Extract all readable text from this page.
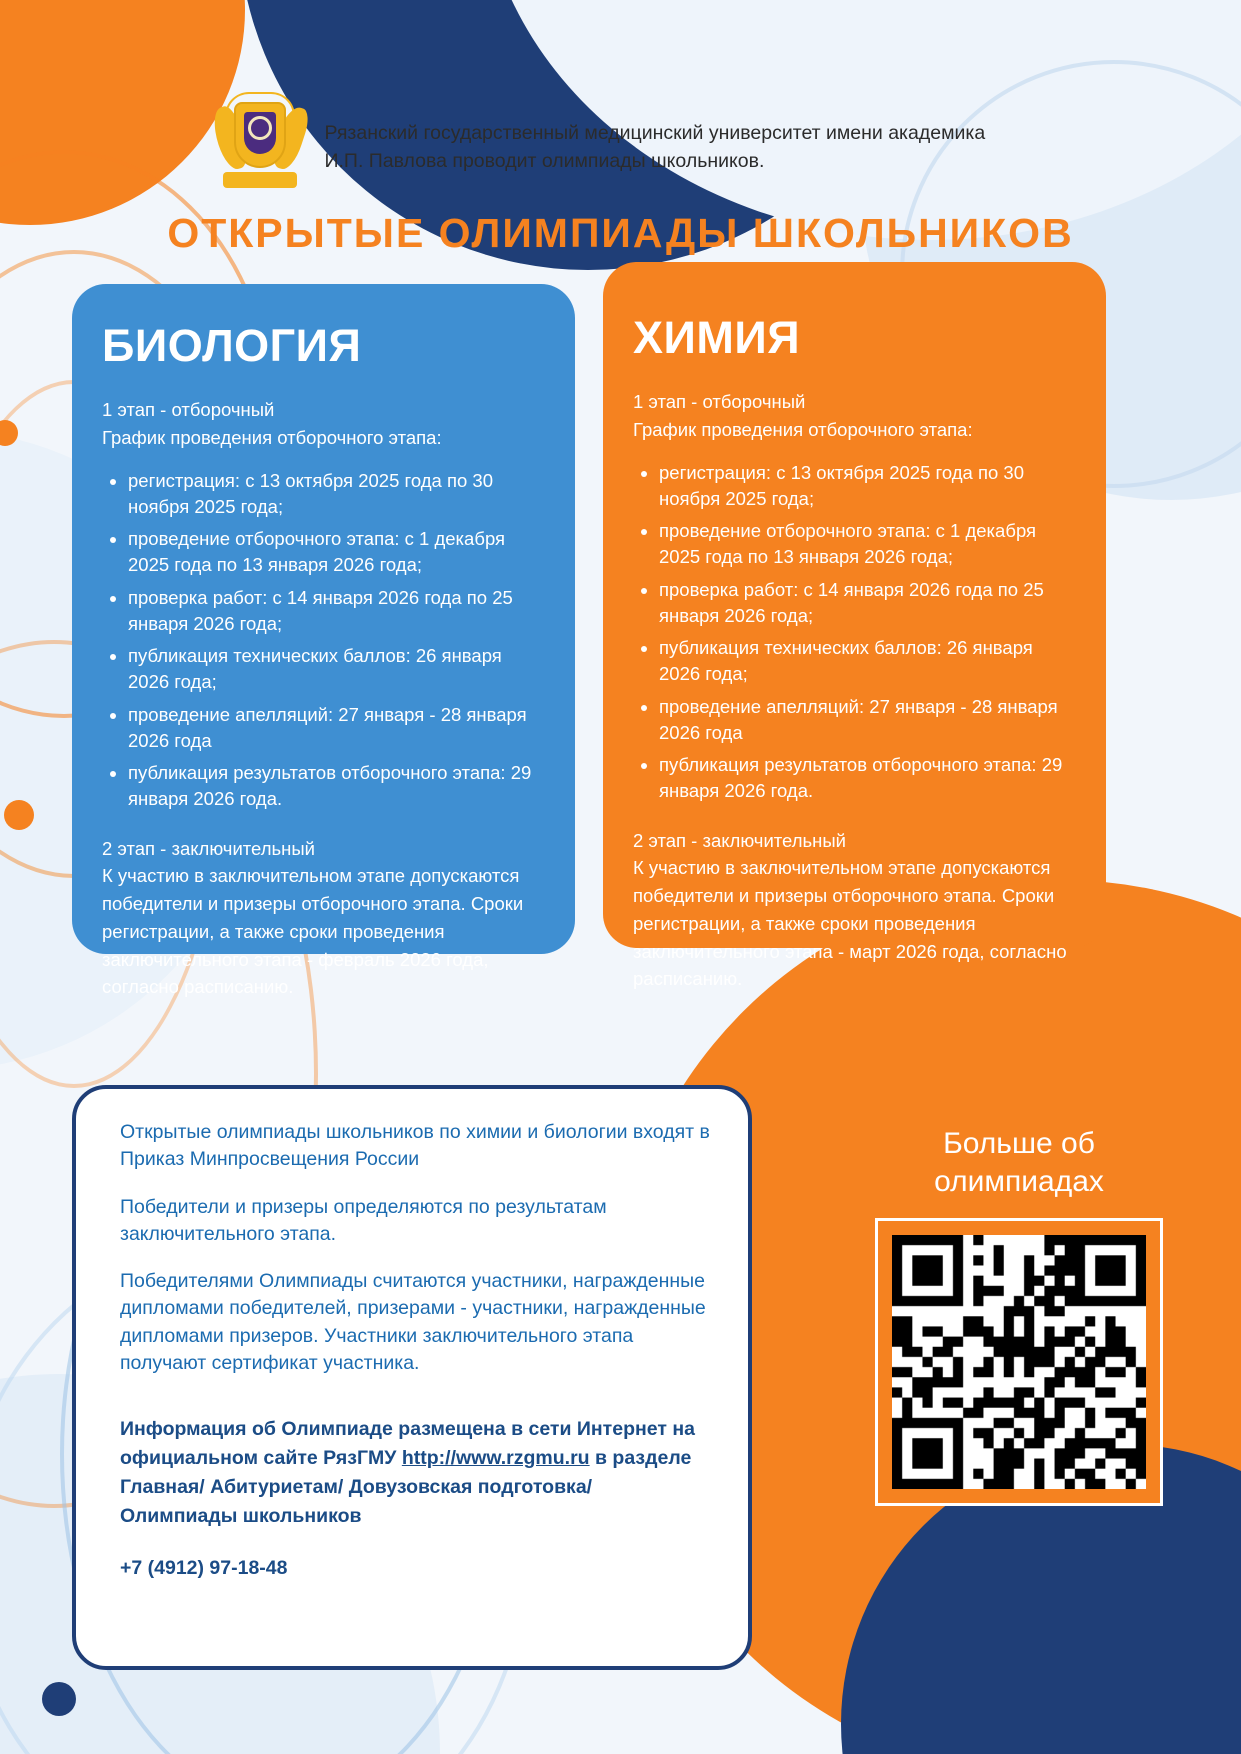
Рязанский государственный медицинский университет имени академика И.П. Павлова проводит олимпиады школьников.
ОТКРЫТЫЕ ОЛИМПИАДЫ ШКОЛЬНИКОВ
БИОЛОГИЯ
1 этап - отборочный
График проведения отборочного этапа:
• регистрация: с 13 октября 2025 года по 30 ноября 2025 года;
• проведение отборочного этапа: с 1 декабря 2025 года по 13 января 2026 года;
• проверка работ: с 14 января 2026 года по 25 января 2026 года;
• публикация технических баллов: 26 января 2026 года;
• проведение апелляций: 27 января - 28 января 2026 года
• публикация результатов отборочного этапа: 29 января 2026 года.
2 этап - заключительный
К участию в заключительном этапе допускаются победители и призеры отборочного этапа. Сроки регистрации, а также сроки проведения заключительного этапа - февраль 2026 года, согласно расписанию.
ХИМИЯ
1 этап - отборочный
График проведения отборочного этапа:
• регистрация: с 13 октября 2025 года по 30 ноября 2025 года;
• проведение отборочного этапа: с 1 декабря 2025 года по 13 января 2026 года;
• проверка работ: с 14 января 2026 года по 25 января 2026 года;
• публикация технических баллов: 26 января 2026 года;
• проведение апелляций: 27 января - 28 января 2026 года
• публикация результатов отборочного этапа: 29 января 2026 года.
2 этап - заключительный
К участию в заключительном этапе допускаются победители и призеры отборочного этапа. Сроки регистрации, а также сроки проведения заключительного этапа - март 2026 года, согласно расписанию.

Открытые олимпиады школьников по химии и биологии входят в Приказ Минпросвещения России

Победители и призеры определяются по результатам заключительного этапа.

Победителями Олимпиады считаются участники, награжденные дипломами победителей, призерами - участники, награжденные дипломами призеров. Участники заключительного этапа получают сертификат участника.

Информация об Олимпиаде размещена в сети Интернет на официальном сайте РязГМУ http://www.rzgmu.ru в разделе Главная/ Абитуриетам/ Довузовская подготовка/ Олимпиады школьников
+7 (4912) 97-18-48
Больше об олимпиадах
